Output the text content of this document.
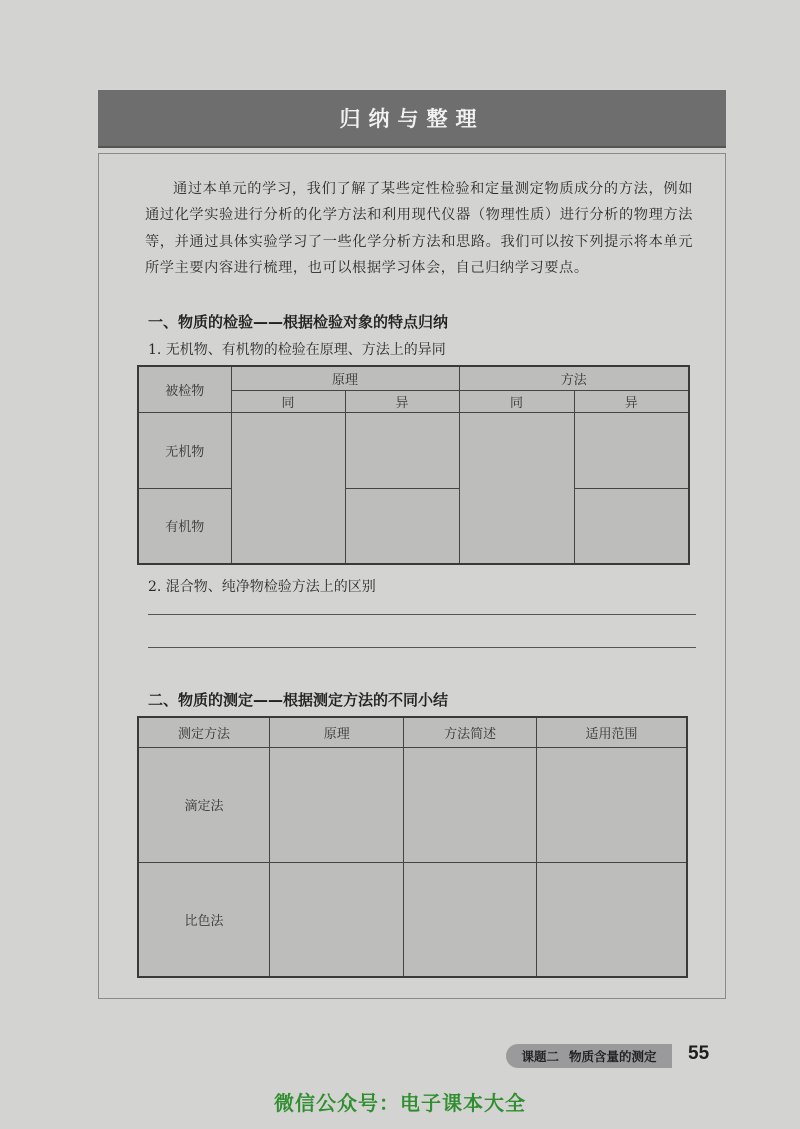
归纳与整理

通过本单元的学习，我们了解了某些定性检验和定量测定物质成分的方法，例如通过化学实验进行分析的化学方法和利用现代仪器（物理性质）进行分析的物理方法等，并通过具体实验学习了一些化学分析方法和思路。我们可以按下列提示将本单元所学主要内容进行梳理，也可以根据学习体会，自己归纳学习要点。

一、物质的检验——根据检验对象的特点归纳
1. 无机物、有机物的检验在原理、方法上的异同
被检物	原理		方法	
	同	异	同	异
无机物				
有机物				
2. 混合物、纯净物检验方法上的区别
二、物质的测定——根据测定方法的不同小结
测定方法	原理	方法简述	适用范围
滴定法			
比色法			
课题二 物质含量的测定 55
微信公众号：电子课本大全
